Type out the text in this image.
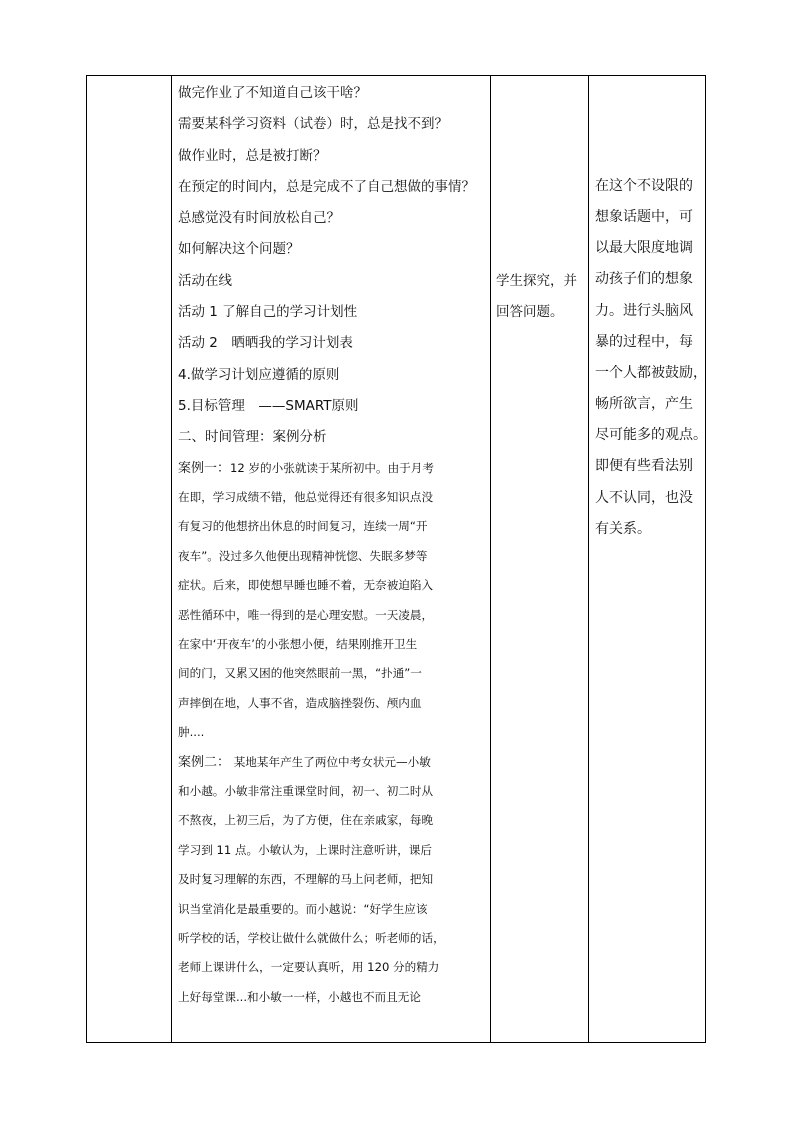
做完作业了不知道自己该干啥？
需要某科学习资料（试卷）时，总是找不到？
做作业时，总是被打断？
在预定的时间内，总是完成不了自己想做的事情？
总感觉没有时间放松自己？
如何解决这个问题？
活动在线
活动 1 了解自己的学习计划性
活动 2　晒晒我的学习计划表
4.做学习计划应遵循的原则
5.目标管理　——SMART原则
二、时间管理：案例分析
案例一：12 岁的小张就读于某所初中。由于月考
在即，学习成绩不错，他总觉得还有很多知识点没
有复习的他想挤出休息的时间复习，连续一周“开
夜车”。没过多久他便出现精神恍惚、失眠多梦等
症状。后来，即使想早睡也睡不着，无奈被迫陷入
恶性循环中，唯一得到的是心理安慰。一天凌晨，
在家中‘开夜车’的小张想小便，结果刚推开卫生
间的门，又累又困的他突然眼前一黑，“扑通”一
声摔倒在地，人事不省，造成脑挫裂伤、颅内血
肿....
案例二： 某地某年产生了两位中考女状元—小敏
和小越。小敏非常注重课堂时间，初一、初二时从
不熬夜，上初三后，为了方便，住在亲戚家，每晚
学习到 11 点。小敏认为，上课时注意听讲，课后
及时复习理解的东西，不理解的马上问老师，把知
识当堂消化是最重要的。而小越说：“好学生应该
听学校的话，学校让做什么就做什么；听老师的话，
老师上课讲什么，一定要认真听，用 120 分的精力
上好每堂课...和小敏一一样，小越也不而且无论
学生探究，并
回答问题。
在这个不设限的
想象话题中，可
以最大限度地调
动孩子们的想象
力。进行头脑风
暴的过程中，每
一个人都被鼓励，
畅所欲言，产生
尽可能多的观点。
即便有些看法别
人不认同，也没
有关系。
